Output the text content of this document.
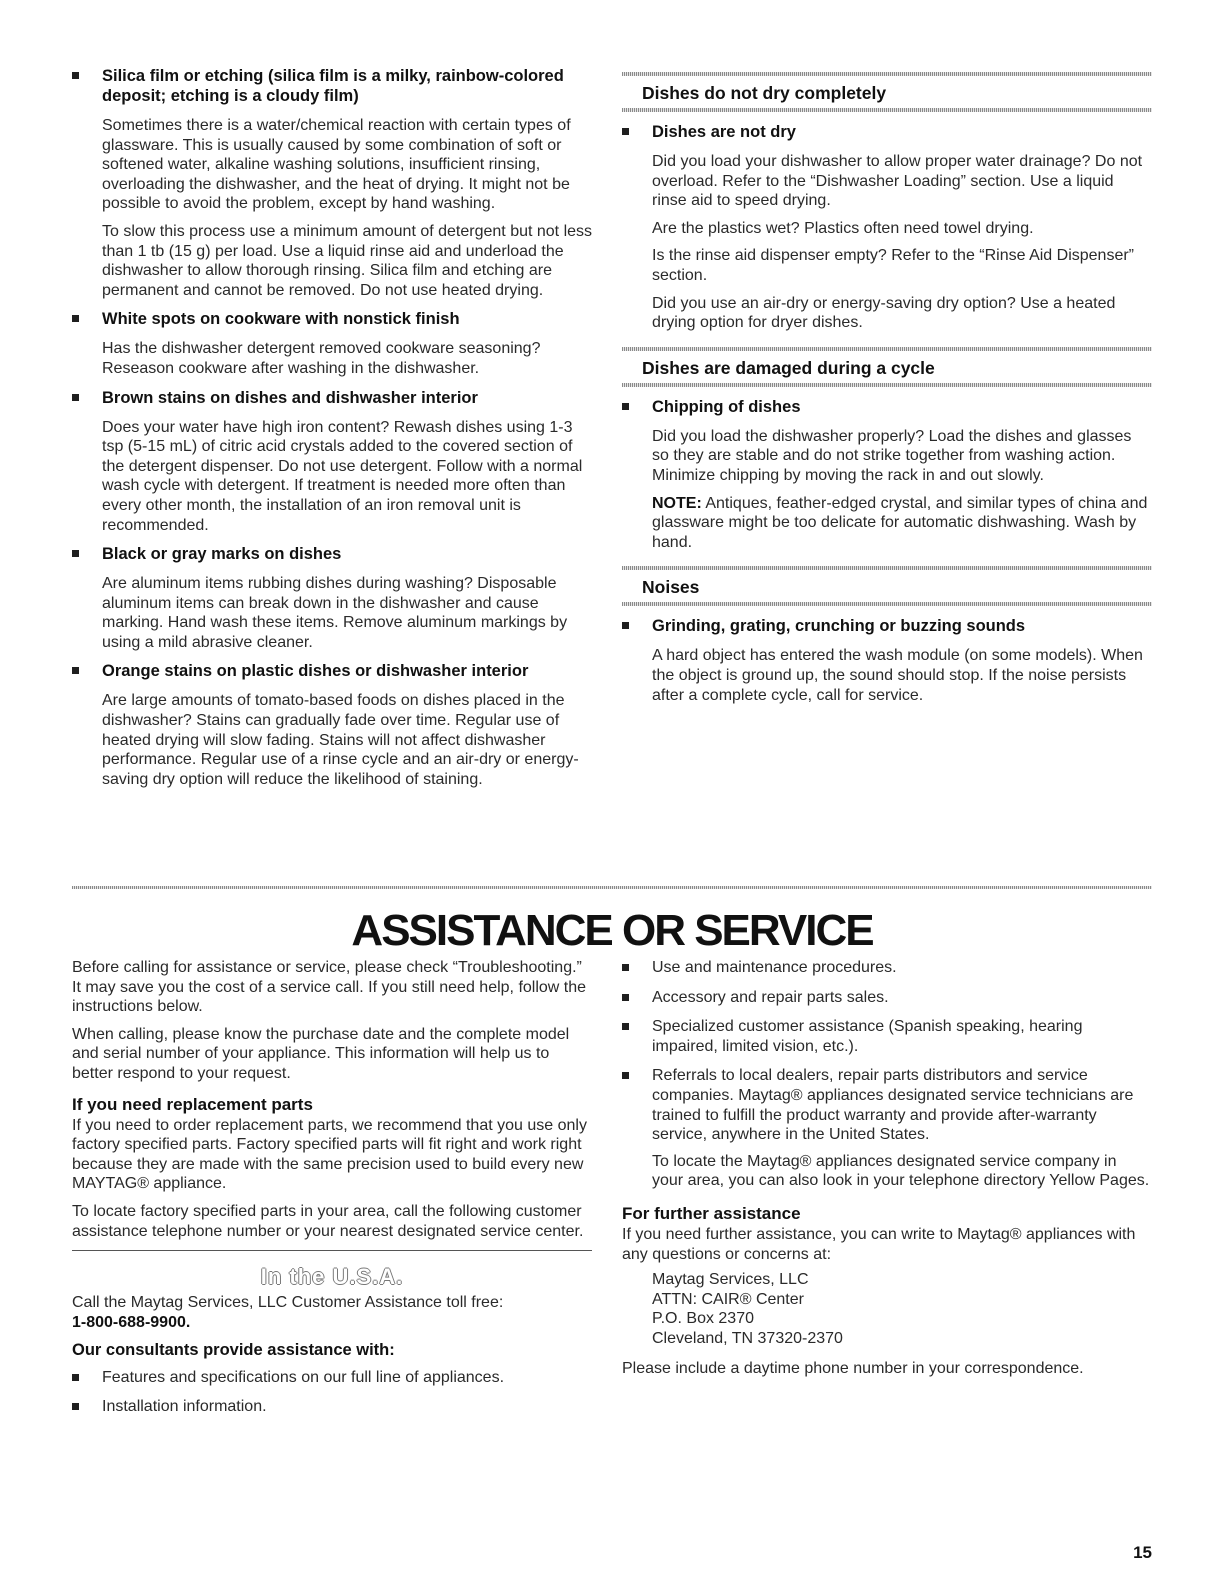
Silica film or etching (silica film is a milky, rainbow-colored deposit; etching is a cloudy film)

Sometimes there is a water/chemical reaction with certain types of glassware. This is usually caused by some combination of soft or softened water, alkaline washing solutions, insufficient rinsing, overloading the dishwasher, and the heat of drying. It might not be possible to avoid the problem, except by hand washing.

To slow this process use a minimum amount of detergent but not less than 1 tb (15 g) per load. Use a liquid rinse aid and underload the dishwasher to allow thorough rinsing. Silica film and etching are permanent and cannot be removed. Do not use heated drying.

White spots on cookware with nonstick finish

Has the dishwasher detergent removed cookware seasoning? Reseason cookware after washing in the dishwasher.

Brown stains on dishes and dishwasher interior

Does your water have high iron content? Rewash dishes using 1-3 tsp (5-15 mL) of citric acid crystals added to the covered section of the detergent dispenser. Do not use detergent. Follow with a normal wash cycle with detergent. If treatment is needed more often than every other month, the installation of an iron removal unit is recommended.

Black or gray marks on dishes

Are aluminum items rubbing dishes during washing? Disposable aluminum items can break down in the dishwasher and cause marking. Hand wash these items. Remove aluminum markings by using a mild abrasive cleaner.

Orange stains on plastic dishes or dishwasher interior

Are large amounts of tomato-based foods on dishes placed in the dishwasher? Stains can gradually fade over time. Regular use of heated drying will slow fading. Stains will not affect dishwasher performance. Regular use of a rinse cycle and an air-dry or energy-saving dry option will reduce the likelihood of staining.

Dishes do not dry completely
Dishes are not dry

Did you load your dishwasher to allow proper water drainage? Do not overload. Refer to the “Dishwasher Loading” section. Use a liquid rinse aid to speed drying.

Are the plastics wet? Plastics often need towel drying.

Is the rinse aid dispenser empty? Refer to the “Rinse Aid Dispenser” section.

Did you use an air-dry or energy-saving dry option? Use a heated drying option for dryer dishes.

Dishes are damaged during a cycle
Chipping of dishes

Did you load the dishwasher properly? Load the dishes and glasses so they are stable and do not strike together from washing action. Minimize chipping by moving the rack in and out slowly.

NOTE: Antiques, feather-edged crystal, and similar types of china and glassware might be too delicate for automatic dishwashing. Wash by hand.

Noises
Grinding, grating, crunching or buzzing sounds

A hard object has entered the wash module (on some models). When the object is ground up, the sound should stop. If the noise persists after a complete cycle, call for service.

ASSISTANCE OR SERVICE

Before calling for assistance or service, please check “Troubleshooting.” It may save you the cost of a service call. If you still need help, follow the instructions below.

When calling, please know the purchase date and the complete model and serial number of your appliance. This information will help us to better respond to your request.

If you need replacement parts

If you need to order replacement parts, we recommend that you use only factory specified parts. Factory specified parts will fit right and work right because they are made with the same precision used to build every new MAYTAG® appliance.

To locate factory specified parts in your area, call the following customer assistance telephone number or your nearest designated service center.

In the U.S.A.

Call the Maytag Services, LLC Customer Assistance toll free:

1-800-688-9900.
Our consultants provide assistance with:
Features and specifications on our full line of appliances.
Installation information.
Use and maintenance procedures.
Accessory and repair parts sales.
Specialized customer assistance (Spanish speaking, hearing impaired, limited vision, etc.).
Referrals to local dealers, repair parts distributors and service companies. Maytag® appliances designated service technicians are trained to fulfill the product warranty and provide after-warranty service, anywhere in the United States.

To locate the Maytag® appliances designated service company in your area, you can also look in your telephone directory Yellow Pages.

For further assistance

If you need further assistance, you can write to Maytag® appliances with any questions or concerns at:

Maytag Services, LLC
ATTN: CAIR® Center
P.O. Box 2370
Cleveland, TN 37320-2370

Please include a daytime phone number in your correspondence.

15
